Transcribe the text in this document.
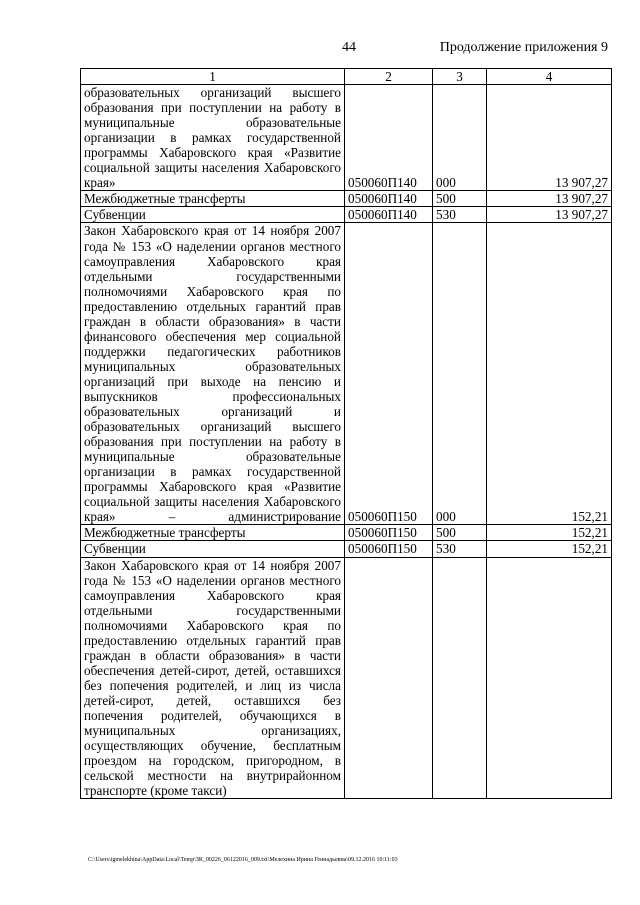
44	Продолжение приложения 9
1	2	3	4
образовательных организаций высшего образования при поступлении на работу в муниципальные образовательные организации в рамках государственной программы Хабаровского края «Развитие социальной защиты населения Хабаровского края»	050060П140	000	13 907,27
Межбюджетные трансферты	050060П140	500	13 907,27
Субвенции	050060П140	530	13 907,27
Закон Хабаровского края от 14 ноября 2007 года № 153 «О наделении органов местного самоуправления Хабаровского края отдельными государственными полномочиями Хабаровского края по предоставлению отдельных гарантий прав граждан в области образования» в части финансового обеспечения мер социальной поддержки педагогических работников муниципальных образовательных организаций при выходе на пенсию и выпускников профессиональных образовательных организаций и образовательных организаций высшего образования при поступлении на работу в муниципальные образовательные организации в рамках государственной программы Хабаровского края «Развитие социальной защиты населения Хабаровского края» – администрирование	050060П150	000	152,21
Межбюджетные трансферты	050060П150	500	152,21
Субвенции	050060П150	530	152,21
Закон Хабаровского края от 14 ноября 2007 года № 153 «О наделении органов местного самоуправления Хабаровского края отдельными государственными полномочиями Хабаровского края по предоставлению отдельных гарантий прав граждан в области образования» в части обеспечения детей-сирот, детей, оставшихся без попечения родителей, и лиц из числа детей-сирот, детей, оставшихся без попечения родителей, обучающихся в муниципальных организациях, осуществляющих обучение, бесплатным проездом на городском, пригородном, в сельской местности на внутрирайонном транспорте (кроме такси)			
C:\Users\igmelekhina\AppData\Local\Temp\ЗК_00226_06122016_009.txt\Мелехина Ирина Геннадьевна\09.12.2016 10:11:03
